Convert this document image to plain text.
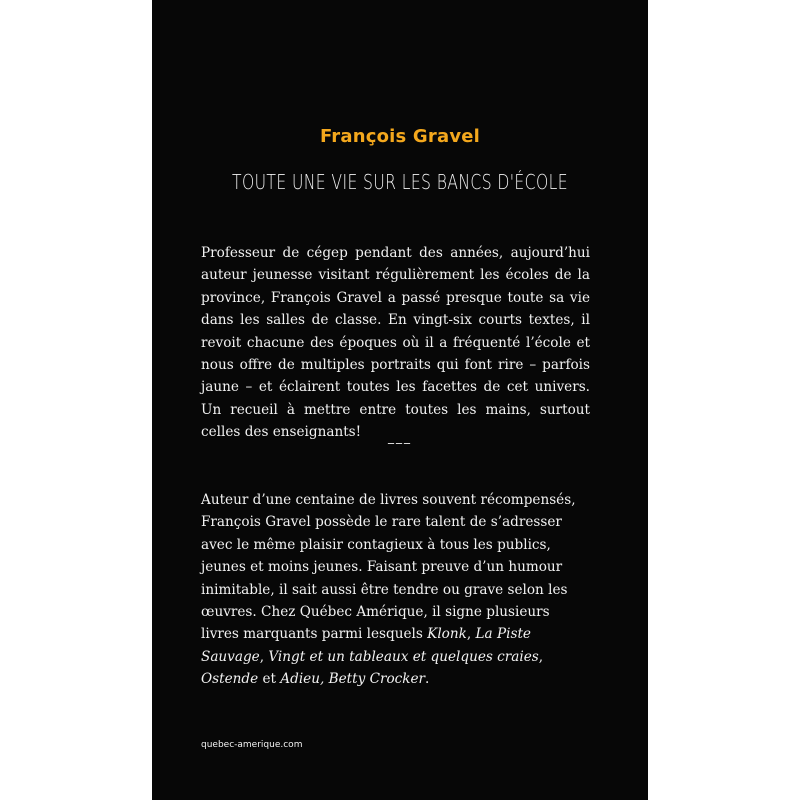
François Gravel
TOUTE UNE VIE SUR LES BANCS D'ÉCOLE

Professeur de cégep pendant des années, aujourd’hui auteur jeunesse visitant régulièrement les écoles de la province, François Gravel a passé presque toute sa vie dans les salles de classe. En vingt-six courts textes, il revoit chacune des époques où il a fréquenté l’école et nous offre de multiples portraits qui font rire – parfois jaune – et éclairent toutes les facettes de cet univers. Un recueil à mettre entre toutes les mains, surtout celles des enseignants!	___

Auteur d’une centaine de livres souvent récompensés, François Gravel possède le rare talent de s’adresser avec le même plaisir contagieux à tous les publics, jeunes et moins jeunes. Faisant preuve d’un humour inimitable, il sait aussi être tendre ou grave selon les œuvres. Chez Québec Amérique, il signe plusieurs livres marquants parmi lesquels Klonk, La Piste Sauvage, Vingt et un tableaux et quelques craies, Ostende et Adieu, Betty Crocker.

quebec-amerique.com
